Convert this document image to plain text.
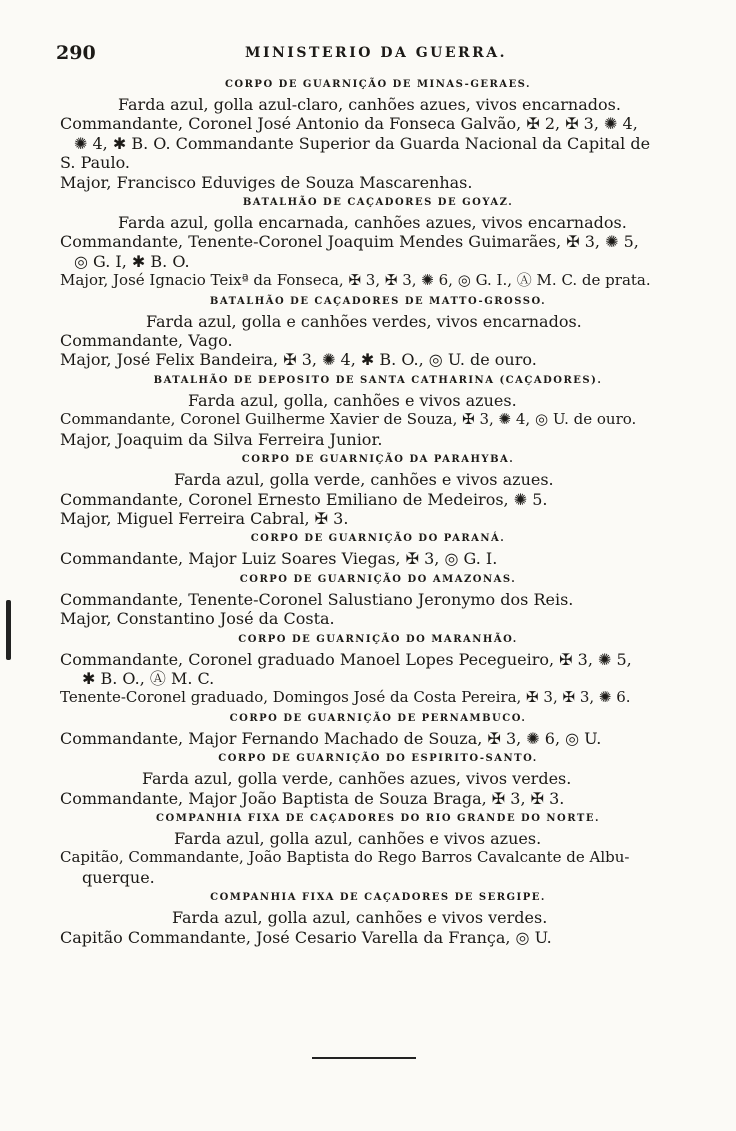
290	MINISTERIO DA GUERRA.
CORPO DE GUARNIÇÃO DE MINAS-GERAES.
Farda azul, golla azul-claro, canhões azues, vivos encarnados.
Commandante, Coronel José Antonio da Fonseca Galvão, ✠ 2, ✠ 3, ✺ 4,
✺ 4, ✱ B. O. Commandante Superior da Guarda Nacional da Capital de
S. Paulo.
Major, Francisco Eduviges de Souza Mascarenhas.
BATALHÃO DE CAÇADORES DE GOYAZ.
Farda azul, golla encarnada, canhões azues, vivos encarnados.
Commandante, Tenente-Coronel Joaquim Mendes Guimarães, ✠ 3, ✺ 5,
◎ G. I, ✱ B. O.
Major, José Ignacio Teixª da Fonseca, ✠ 3, ✠ 3, ✺ 6, ◎ G. I., Ⓐ M. C. de prata.
BATALHÃO DE CAÇADORES DE MATTO-GROSSO.
Farda azul, golla e canhões verdes, vivos encarnados.
Commandante, Vago.
Major, José Felix Bandeira, ✠ 3, ✺ 4, ✱ B. O., ◎ U. de ouro.
BATALHÃO DE DEPOSITO DE SANTA CATHARINA (CAÇADORES).
Farda azul, golla, canhões e vivos azues.
Commandante, Coronel Guilherme Xavier de Souza, ✠ 3, ✺ 4, ◎ U. de ouro.
Major, Joaquim da Silva Ferreira Junior.
CORPO DE GUARNIÇÃO DA PARAHYBA.
Farda azul, golla verde, canhões e vivos azues.
Commandante, Coronel Ernesto Emiliano de Medeiros, ✺ 5.
Major, Miguel Ferreira Cabral, ✠ 3.
CORPO DE GUARNIÇÃO DO PARANÁ.
Commandante, Major Luiz Soares Viegas, ✠ 3, ◎ G. I.
CORPO DE GUARNIÇÃO DO AMAZONAS.
Commandante, Tenente-Coronel Salustiano Jeronymo dos Reis.
Major, Constantino José da Costa.
CORPO DE GUARNIÇÃO DO MARANHÃO.
Commandante, Coronel graduado Manoel Lopes Pecegueiro, ✠ 3, ✺ 5,
✱ B. O., Ⓐ M. C.
Tenente-Coronel graduado, Domingos José da Costa Pereira, ✠ 3, ✠ 3, ✺ 6.
CORPO DE GUARNIÇÃO DE PERNAMBUCO.
Commandante, Major Fernando Machado de Souza, ✠ 3, ✺ 6, ◎ U.
CORPO DE GUARNIÇÃO DO ESPIRITO-SANTO.
Farda azul, golla verde, canhões azues, vivos verdes.
Commandante, Major João Baptista de Souza Braga, ✠ 3, ✠ 3.
COMPANHIA FIXA DE CAÇADORES DO RIO GRANDE DO NORTE.
Farda azul, golla azul, canhões e vivos azues.
Capitão, Commandante, João Baptista do Rego Barros Cavalcante de Albu-
querque.
COMPANHIA FIXA DE CAÇADORES DE SERGIPE.
Farda azul, golla azul, canhões e vivos verdes.
Capitão Commandante, José Cesario Varella da França, ◎ U.
